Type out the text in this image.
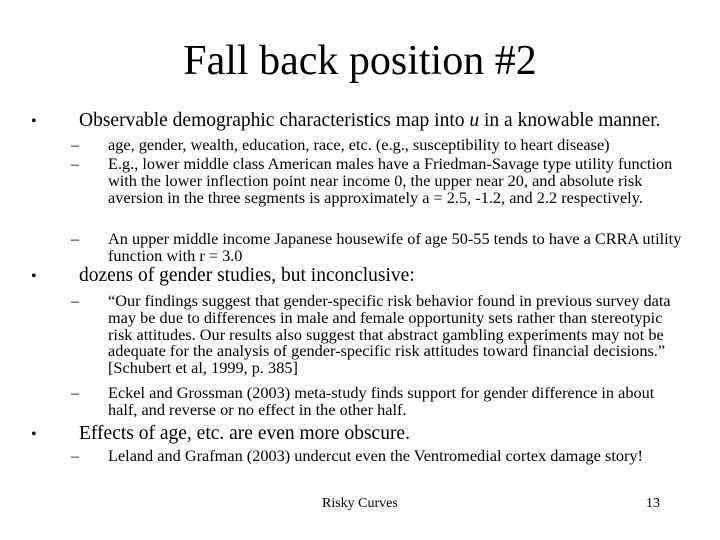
Fall back position #2
• Observable demographic characteristics map into u in a knowable manner.
– age, gender, wealth, education, race, etc. (e.g., susceptibility to heart disease)
– E.g., lower middle class American males have a Friedman-Savage type utility function with the lower inflection point near income 0, the upper near 20, and absolute risk aversion in the three segments is approximately a = 2.5, -1.2, and 2.2 respectively.
– An upper middle income Japanese housewife of age 50-55 tends to have a CRRA utility function with r = 3.0
• dozens of gender studies, but inconclusive:
– “Our findings suggest that gender-specific risk behavior found in previous survey data may be due to differences in male and female opportunity sets rather than stereotypic risk attitudes. Our results also suggest that abstract gambling experiments may not be adequate for the analysis of gender-specific risk attitudes toward financial decisions.” [Schubert et al, 1999, p. 385]
– Eckel and Grossman (2003) meta-study finds support for gender difference in about half, and reverse or no effect in the other half.
• Effects of age, etc. are even more obscure.
– Leland and Grafman (2003) undercut even the Ventromedial cortex damage story!
Risky Curves	13
